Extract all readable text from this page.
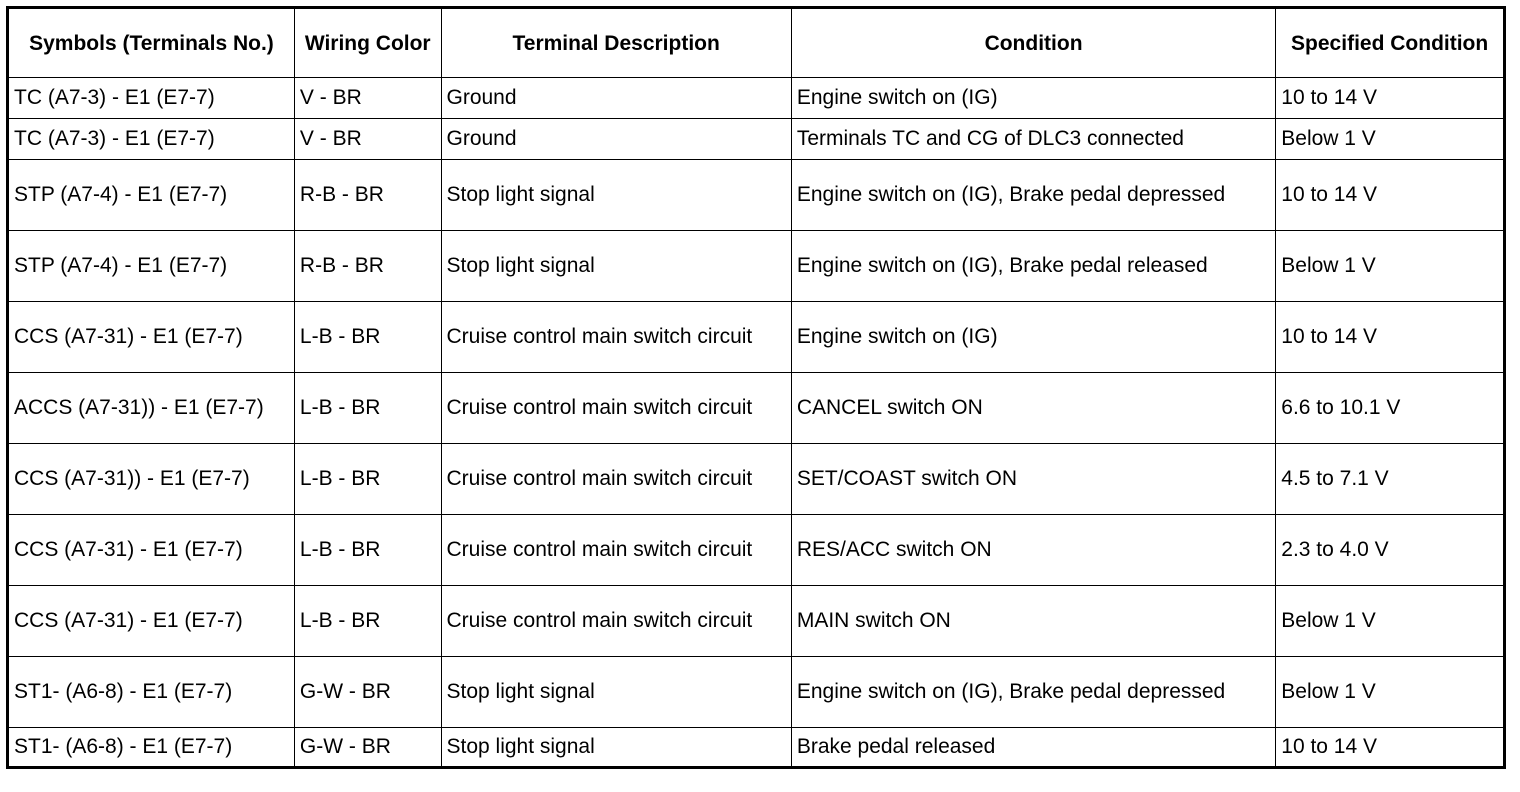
Symbols (Terminals No.)	Wiring Color	Terminal Description	Condition	Specified Condition
TC (A7-3) - E1 (E7-7)	V - BR	Ground	Engine switch on (IG)	10 to 14 V
TC (A7-3) - E1 (E7-7)	V - BR	Ground	Terminals TC and CG of DLC3 connected	Below 1 V
STP (A7-4) - E1 (E7-7)	R-B - BR	Stop light signal	Engine switch on (IG), Brake pedal depressed	10 to 14 V
STP (A7-4) - E1 (E7-7)	R-B - BR	Stop light signal	Engine switch on (IG), Brake pedal released	Below 1 V
CCS (A7-31) - E1 (E7-7)	L-B - BR	Cruise control main switch circuit	Engine switch on (IG)	10 to 14 V
ACCS (A7-31)) - E1 (E7-7)	L-B - BR	Cruise control main switch circuit	CANCEL switch ON	6.6 to 10.1 V
CCS (A7-31)) - E1 (E7-7)	L-B - BR	Cruise control main switch circuit	SET/COAST switch ON	4.5 to 7.1 V
CCS (A7-31) - E1 (E7-7)	L-B - BR	Cruise control main switch circuit	RES/ACC switch ON	2.3 to 4.0 V
CCS (A7-31) - E1 (E7-7)	L-B - BR	Cruise control main switch circuit	MAIN switch ON	Below 1 V
ST1- (A6-8) - E1 (E7-7)	G-W - BR	Stop light signal	Engine switch on (IG), Brake pedal depressed	Below 1 V
ST1- (A6-8) - E1 (E7-7)	G-W - BR	Stop light signal	Brake pedal released	10 to 14 V
